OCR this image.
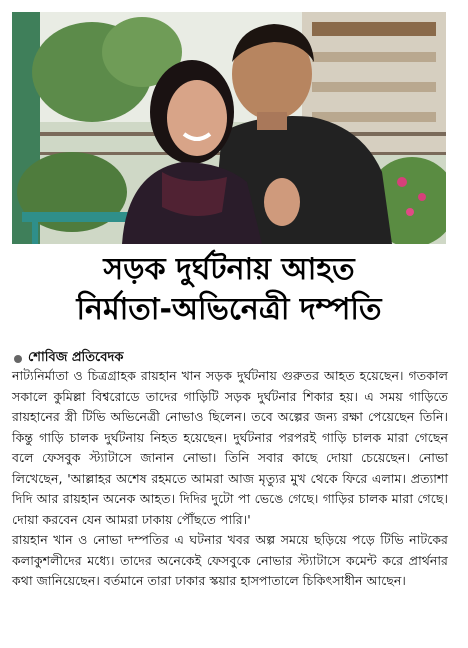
সড়ক দুর্ঘটনায় আহত
নির্মাতা-অভিনেত্রী দম্পতি
শোবিজ প্রতিবেদক

নাট্যনির্মাতা ও চিত্রগ্রাহক রায়হান খান সড়ক দুর্ঘটনায় গুরুতর আহত হয়েছেন। গতকাল সকালে কুমিল্লা বিশ্বরোডে তাদের গাড়িটি সড়ক দুর্ঘটনার শিকার হয়। এ সময় গাড়িতে রায়হানের স্ত্রী টিভি অভিনেত্রী নোভাও ছিলেন। তবে অল্পের জন্য রক্ষা পেয়েছেন তিনি। কিন্তু গাড়ি চালক দুর্ঘটনায় নিহত হয়েছেন। দুর্ঘটনার পরপরই গাড়ি চালক মারা গেছেন বলে ফেসবুক স্ট্যাটাসে জানান নোভা। তিনি সবার কাছে দোয়া চেয়েছেন। নোভা লিখেছেন, 'আল্লাহর অশেষ রহমতে আমরা আজ মৃত্যুর মুখ থেকে ফিরে এলাম। প্রত্যাশা দিদি আর রায়হান অনেক আহত। দিদির দুটো পা ভেঙে গেছে। গাড়ির চালক মারা গেছে। দোয়া করবেন যেন আমরা ঢাকায় পৌঁছতে পারি।'

রায়হান খান ও নোভা দম্পতির এ ঘটনার খবর অল্প সময়ে ছড়িয়ে পড়ে টিভি নাটকের কলাকুশলীদের মধ্যে। তাদের অনেকেই ফেসবুকে নোভার স্ট্যাটাসে কমেন্ট করে প্রার্থনার কথা জানিয়েছেন। বর্তমানে তারা ঢাকার স্কয়ার হাসপাতালে চিকিৎসাধীন আছেন।
